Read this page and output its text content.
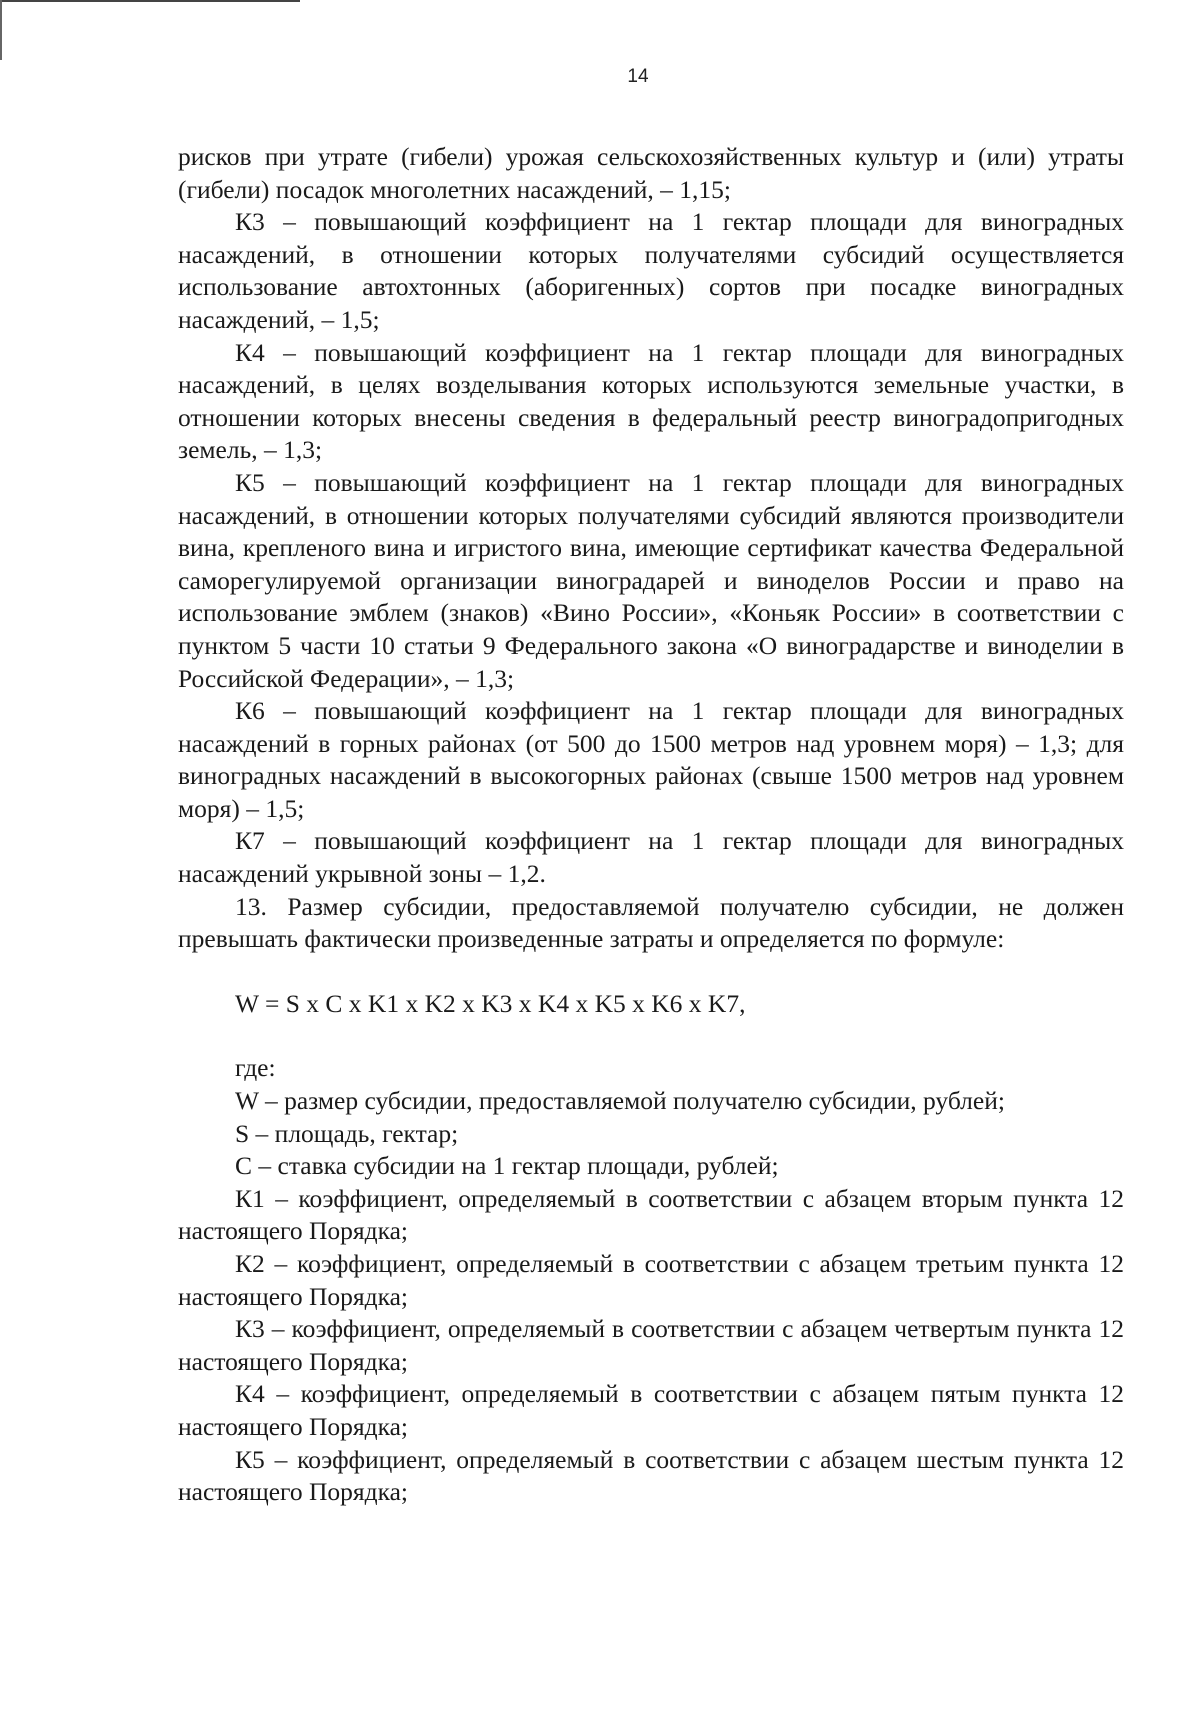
14

рисков при утрате (гибели) урожая сельскохозяйственных культур и (или) утраты (гибели) посадок многолетних насаждений, – 1,15;

К3 – повышающий коэффициент на 1 гектар площади для виноградных насаждений, в отношении которых получателями субсидий осуществляется использование автохтонных (аборигенных) сортов при посадке виноградных насаждений, – 1,5;

К4 – повышающий коэффициент на 1 гектар площади для виноградных насаждений, в целях возделывания которых используются земельные участки, в отношении которых внесены сведения в федеральный реестр виноградопригодных земель, – 1,3;

К5 – повышающий коэффициент на 1 гектар площади для виноградных насаждений, в отношении которых получателями субсидий являются производители вина, крепленого вина и игристого вина, имеющие сертификат качества Федеральной саморегулируемой организации виноградарей и виноделов России и право на использование эмблем (знаков) «Вино России», «Коньяк России» в соответствии с пунктом 5 части 10 статьи 9 Федерального закона «О виноградарстве и виноделии в Российской Федерации», – 1,3;

К6 – повышающий коэффициент на 1 гектар площади для виноградных насаждений в горных районах (от 500 до 1500 метров над уровнем моря) – 1,3; для виноградных насаждений в высокогорных районах (свыше 1500 метров над уровнем моря) – 1,5;

К7 – повышающий коэффициент на 1 гектар площади для виноградных насаждений укрывной зоны – 1,2.

13. Размер субсидии, предоставляемой получателю субсидии, не должен превышать фактически произведенные затраты и определяется по формуле:

W = S x C x K1 x K2 x K3 x K4 x K5 x K6 x K7,
где:

W – размер субсидии, предоставляемой получателю субсидии, рублей;

S – площадь, гектар;

С – ставка субсидии на 1 гектар площади, рублей;

К1 – коэффициент, определяемый в соответствии с абзацем вторым пункта 12 настоящего Порядка;

К2 – коэффициент, определяемый в соответствии с абзацем третьим пункта 12 настоящего Порядка;

К3 – коэффициент, определяемый в соответствии с абзацем четвертым пункта 12 настоящего Порядка;

К4 – коэффициент, определяемый в соответствии с абзацем пятым пункта 12 настоящего Порядка;

К5 – коэффициент, определяемый в соответствии с абзацем шестым пункта 12 настоящего Порядка;
